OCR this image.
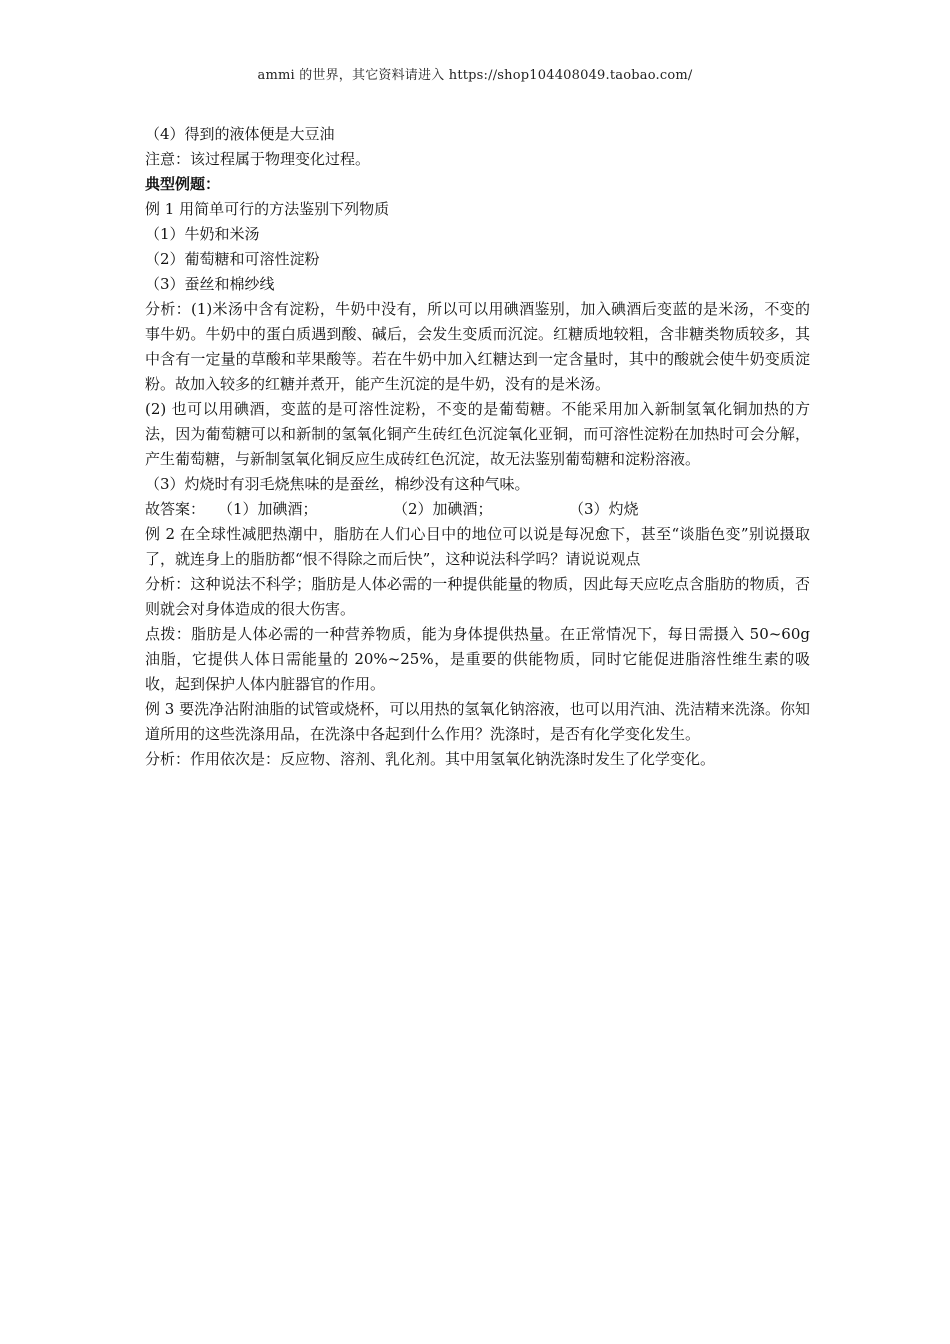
ammi 的世界，其它资料请进入 https://shop104408049.taobao.com/

（4）得到的液体便是大豆油

注意：该过程属于物理变化过程。

典型例题：

例 1 用简单可行的方法鉴别下列物质

（1）牛奶和米汤

（2）葡萄糖和可溶性淀粉

（3）蚕丝和棉纱线

分析：(1)米汤中含有淀粉，牛奶中没有，所以可以用碘酒鉴别，加入碘酒后变蓝的是米汤，不变的事牛奶。牛奶中的蛋白质遇到酸、碱后，会发生变质而沉淀。红糖质地较粗，含非糖类物质较多，其中含有一定量的草酸和苹果酸等。若在牛奶中加入红糖达到一定含量时，其中的酸就会使牛奶变质淀粉。故加入较多的红糖并煮开，能产生沉淀的是牛奶，没有的是米汤。

(2) 也可以用碘酒，变蓝的是可溶性淀粉，不变的是葡萄糖。不能采用加入新制氢氧化铜加热的方法，因为葡萄糖可以和新制的氢氧化铜产生砖红色沉淀氧化亚铜，而可溶性淀粉在加热时可会分解，产生葡萄糖，与新制氢氧化铜反应生成砖红色沉淀，故无法鉴别葡萄糖和淀粉溶液。

（3）灼烧时有羽毛烧焦味的是蚕丝，棉纱没有这种气味。

故答案： （1）加碘酒；	（2）加碘酒；	（3）灼烧

例 2 在全球性减肥热潮中，脂肪在人们心目中的地位可以说是每况愈下，甚至“谈脂色变”别说摄取了，就连身上的脂肪都“恨不得除之而后快”，这种说法科学吗？请说说观点

分析：这种说法不科学；脂肪是人体必需的一种提供能量的物质，因此每天应吃点含脂肪的物质，否则就会对身体造成的很大伤害。

点拨：脂肪是人体必需的一种营养物质，能为身体提供热量。在正常情况下，每日需摄入 50~60g 油脂，它提供人体日需能量的 20%~25%，是重要的供能物质，同时它能促进脂溶性维生素的吸收，起到保护人体内脏器官的作用。

例 3 要洗净沾附油脂的试管或烧杯，可以用热的氢氧化钠溶液，也可以用汽油、洗洁精来洗涤。你知道所用的这些洗涤用品，在洗涤中各起到什么作用？洗涤时，是否有化学变化发生。

分析：作用依次是：反应物、溶剂、乳化剂。其中用氢氧化钠洗涤时发生了化学变化。
